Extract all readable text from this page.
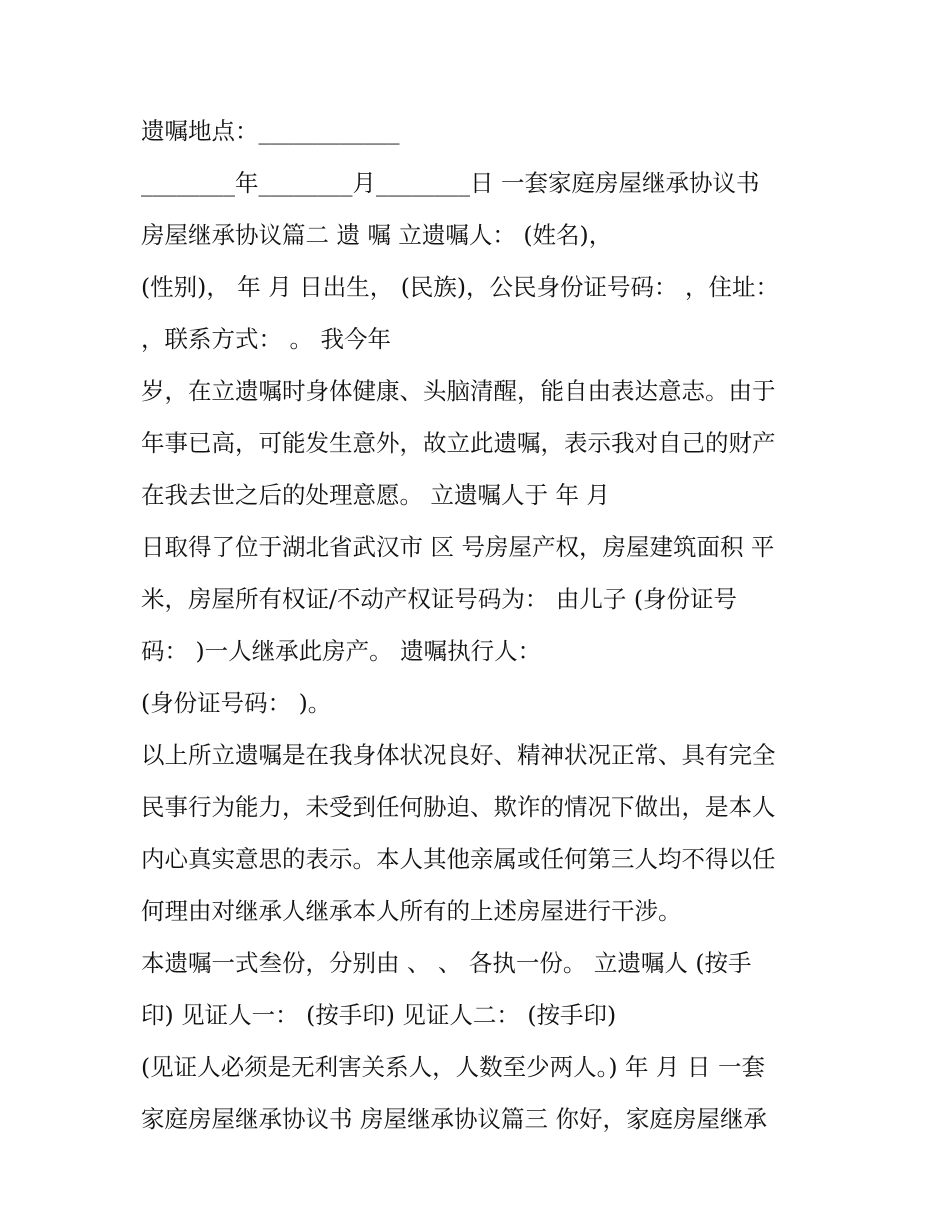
遗嘱地点：____________
________年________月________日 一套家庭房屋继承协议书
房屋继承协议篇二 遗 嘱 立遗嘱人： (姓名)，
(性别)， 年 月 日出生， (民族)，公民身份证号码： ，住址：
，联系方式： 。 我今年
岁，在立遗嘱时身体健康、头脑清醒，能自由表达意志。由于
年事已高，可能发生意外，故立此遗嘱，表示我对自己的财产
在我去世之后的处理意愿。 立遗嘱人于 年 月
日取得了位于湖北省武汉市 区 号房屋产权，房屋建筑面积 平
米，房屋所有权证/不动产权证号码为： 由儿子 (身份证号
码： )一人继承此房产。 遗嘱执行人：
(身份证号码： )。
以上所立遗嘱是在我身体状况良好、精神状况正常、具有完全
民事行为能力，未受到任何胁迫、欺诈的情况下做出，是本人
内心真实意思的表示。本人其他亲属或任何第三人均不得以任
何理由对继承人继承本人所有的上述房屋进行干涉。
本遗嘱一式叁份，分别由 、 、 各执一份。 立遗嘱人 (按手
印) 见证人一： (按手印) 见证人二： (按手印)
(见证人必须是无利害关系人，人数至少两人。) 年 月 日 一套
家庭房屋继承协议书 房屋继承协议篇三 你好，家庭房屋继承
